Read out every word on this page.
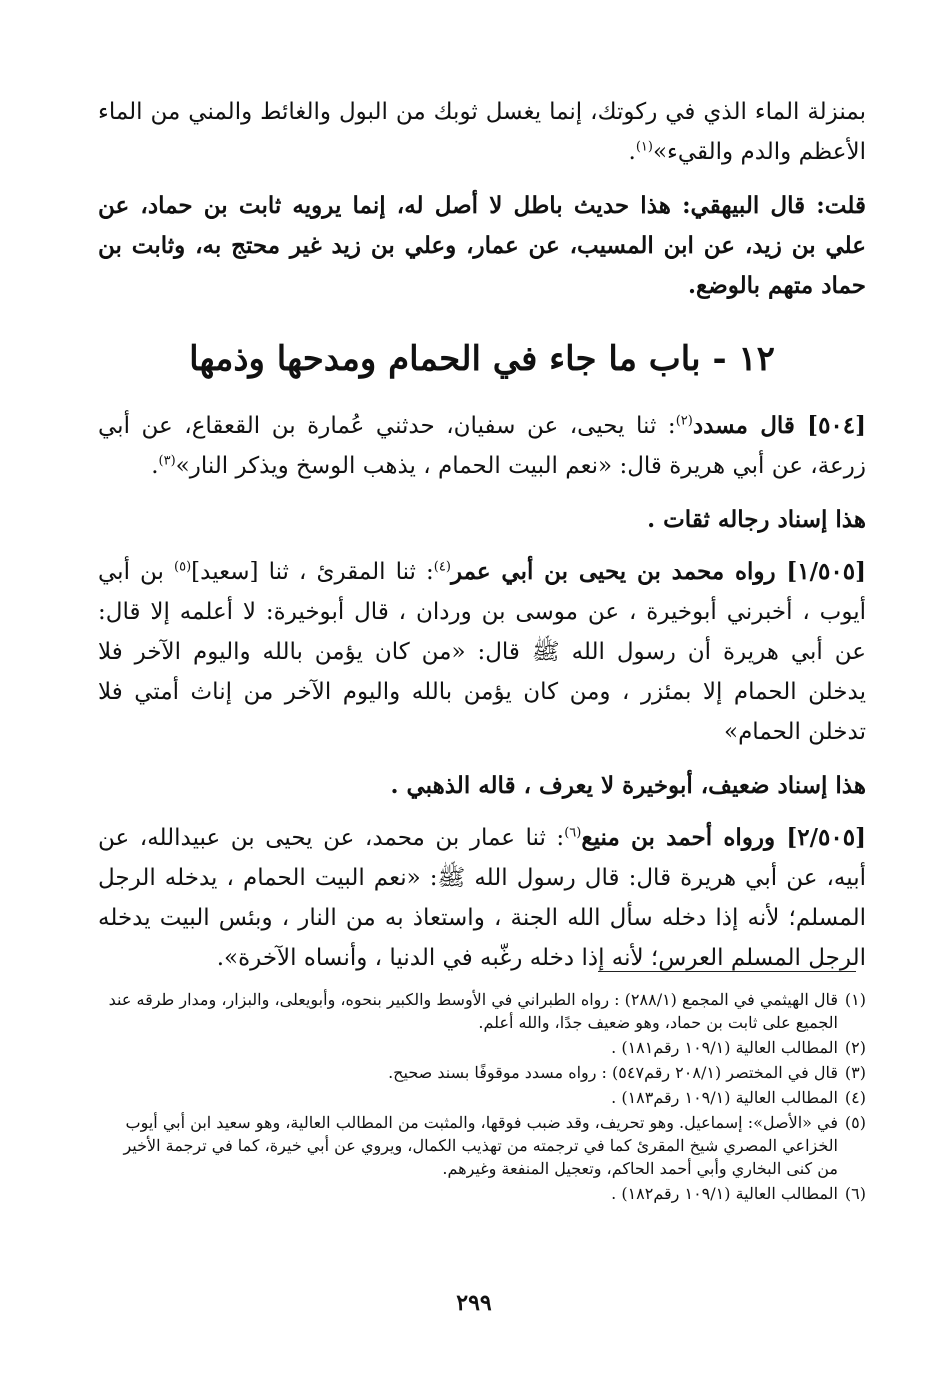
بمنزلة الماء الذي في ركوتك، إنما يغسل ثوبك من البول والغائط والمني من الماء الأعظم والدم والقيء»$^{(١)}$.

قلت: قال البيهقي: هذا حديث باطل لا أصل له، إنما يرويه ثابت بن حماد، عن علي بن زيد، عن ابن المسيب، عن عمار، وعلي بن زيد غير محتج به، وثابت بن حماد متهم بالوضع.

١٢ - باب ما جاء في الحمام ومدحها وذمها

[٥٠٤] قال مسدد$^{(٢)}$: ثنا يحيى، عن سفيان، حدثني عُمارة بن القعقاع، عن أبي زرعة، عن أبي هريرة قال: «نعم البيت الحمام ، يذهب الوسخ ويذكر النار»$^{(٣)}$.

هذا إسناد رجاله ثقات .

[١/٥٠٥] رواه محمد بن يحيى بن أبي عمر$^{(٤)}$: ثنا المقرئ ، ثنا [سعيد]$^{(٥)}$ بن أبي أيوب ، أخبرني أبوخيرة ، عن موسى بن وردان ، قال أبوخيرة: لا أعلمه إلا قال: عن أبي هريرة أن رسول الله ﷺ قال: «من كان يؤمن بالله واليوم الآخر فلا يدخلن الحمام إلا بمئزر ، ومن كان يؤمن بالله واليوم الآخر من إناث أمتي فلا تدخلن الحمام»

هذا إسناد ضعيف، أبوخيرة لا يعرف ، قاله الذهبي .

[٢/٥٠٥] ورواه أحمد بن منيع$^{(٦)}$: ثنا عمار بن محمد، عن يحيى بن عبيدالله، عن أبيه، عن أبي هريرة قال: قال رسول الله ﷺ: «نعم البيت الحمام ، يدخله الرجل المسلم؛ لأنه إذا دخله سأل الله الجنة ، واستعاذ به من النار ، وبئس البيت يدخله الرجل المسلم العرس؛ لأنه إذا دخله رغّبه في الدنيا ، وأنساه الآخرة».

(١)
قال الهيثمي في المجمع (٢٨٨/١) : رواه الطبراني في الأوسط والكبير بنحوه، وأبويعلى، والبزار، ومدار طرقه عند الجميع على ثابت بن حماد، وهو ضعيف جدًا، والله أعلم.

(٢)
المطالب العالية (١٠٩/١ رقم١٨١) .

(٣)
قال في المختصر (٢٠٨/١ رقم٥٤٧) : رواه مسدد موقوفًا بسند صحيح.

(٤)
المطالب العالية (١٠٩/١ رقم١٨٣) .

(٥)
في «الأصل»: إسماعيل. وهو تحريف، وقد ضبب فوقها، والمثبت من المطالب العالية، وهو سعيد ابن أبي أيوب الخزاعي المصري شيخ المقرئ كما في ترجمته من تهذيب الكمال، ويروي عن أبي خيرة، كما في ترجمة الأخير من كنى البخاري وأبي أحمد الحاكم، وتعجيل المنفعة وغيرهم.

(٦)
المطالب العالية (١٠٩/١ رقم١٨٢) .

٢٩٩
